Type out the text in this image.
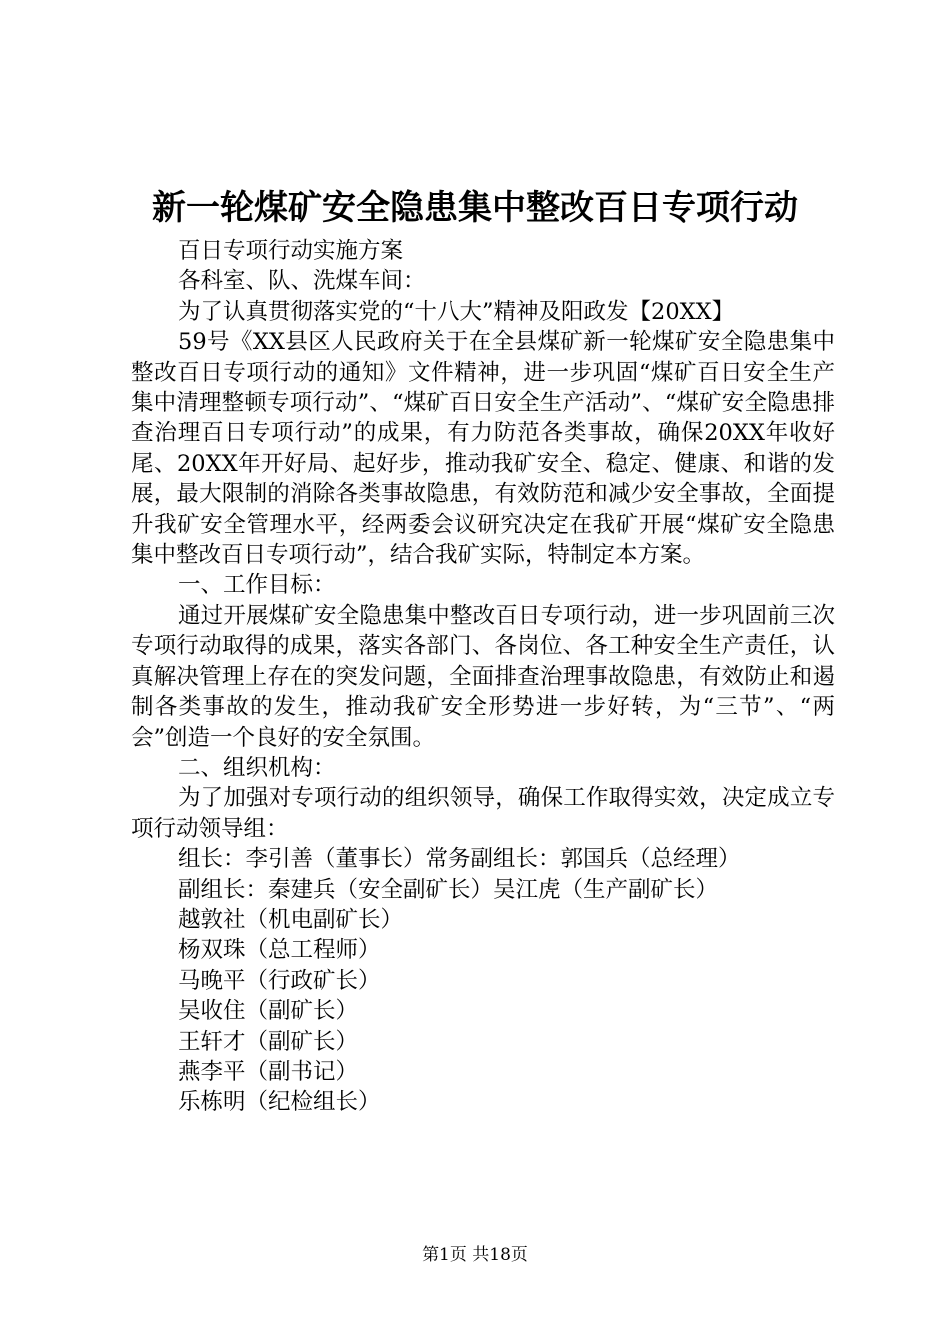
新一轮煤矿安全隐患集中整改百日专项行动

百日专项行动实施方案

各科室、队、洗煤车间：

为了认真贯彻落实党的“十八大”精神及阳政发【20XX】

59号《XX县区人民政府关于在全县煤矿新一轮煤矿安全隐患集中整改百日专项行动的通知》文件精神，进一步巩固“煤矿百日安全生产集中清理整顿专项行动”、“煤矿百日安全生产活动”、“煤矿安全隐患排查治理百日专项行动”的成果，有力防范各类事故，确保20XX年收好尾、20XX年开好局、起好步，推动我矿安全、稳定、健康、和谐的发展，最大限制的消除各类事故隐患，有效防范和减少安全事故，全面提升我矿安全管理水平，经两委会议研究决定在我矿开展“煤矿安全隐患集中整改百日专项行动”，结合我矿实际，特制定本方案。

一、工作目标：

通过开展煤矿安全隐患集中整改百日专项行动，进一步巩固前三次专项行动取得的成果，落实各部门、各岗位、各工种安全生产责任，认真解决管理上存在的突发问题，全面排查治理事故隐患，有效防止和遏制各类事故的发生，推动我矿安全形势进一步好转，为“三节”、“两会”创造一个良好的安全氛围。

二、组织机构：

为了加强对专项行动的组织领导，确保工作取得实效，决定成立专项行动领导组：

组长：李引善（董事长）常务副组长：郭国兵（总经理）

副组长：秦建兵（安全副矿长）吴江虎（生产副矿长）

越敦社（机电副矿长）

杨双珠（总工程师）

马晚平（行政矿长）

吴收住（副矿长）

王轩才（副矿长）

燕李平（副书记）

乐栋明（纪检组长）

第1页 共18页
